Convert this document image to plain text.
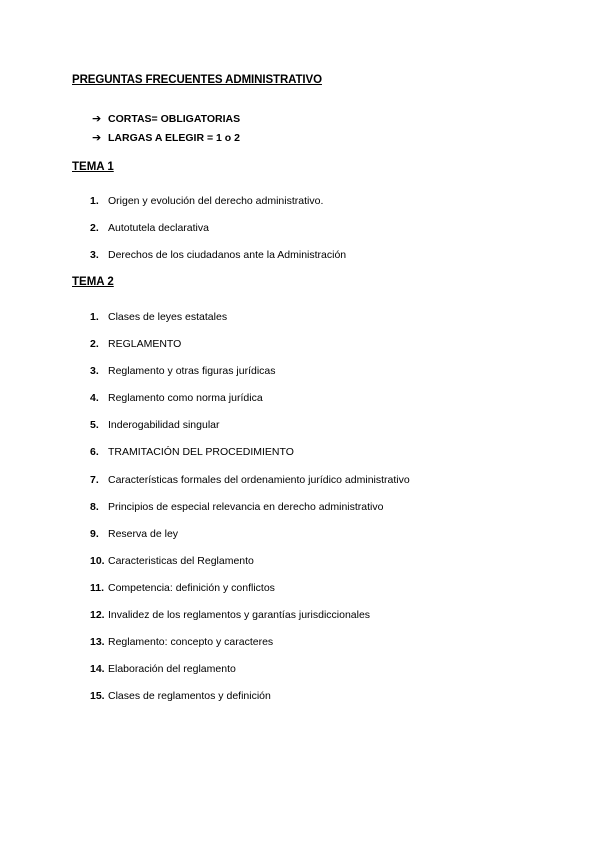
PREGUNTAS FRECUENTES ADMINISTRATIVO
➔ CORTAS= OBLIGATORIAS
➔ LARGAS A ELEGIR = 1 o 2
TEMA 1
1. Origen y evolución del derecho administrativo.
2. Autotutela declarativa
3. Derechos de los ciudadanos ante la Administración
TEMA 2
1. Clases de leyes estatales
2. REGLAMENTO
3. Reglamento y otras figuras jurídicas
4. Reglamento como norma jurídica
5. Inderogabilidad singular
6. TRAMITACIÓN DEL PROCEDIMIENTO
7. Características formales del ordenamiento jurídico administrativo
8. Principios de especial relevancia en derecho administrativo
9. Reserva de ley
10. Caracteristicas del Reglamento
11. Competencia: definición y conflictos
12. Invalidez de los reglamentos y garantías jurisdiccionales
13. Reglamento: concepto y caracteres
14. Elaboración del reglamento
15. Clases de reglamentos y definición
